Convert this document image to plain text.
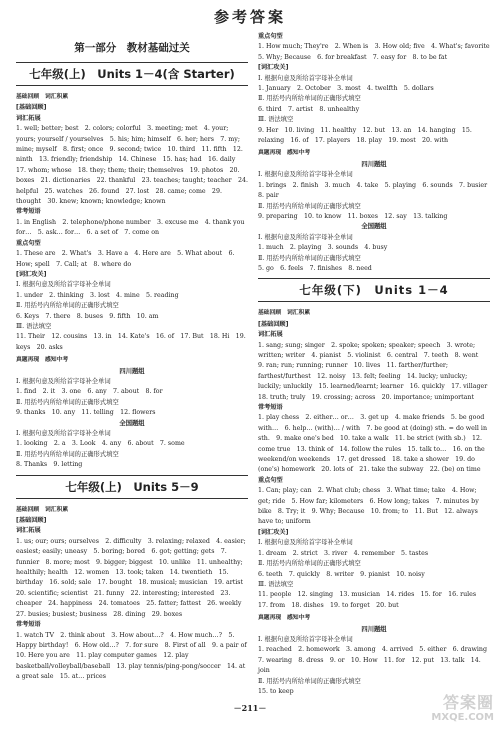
参考答案
第一部分　教材基础过关
七年级(上)　Units 1－4(含 Starter)
基础回顾　词汇积累
[基础回顾]
词汇拓展
1. well; better; best　2. colors; colorful　3. meeting; met　4. your; yours; yourself / yourselves　5. his; him; himself　6. her; hers　7. my; mine; myself　8. first; once　9. second; twice　10. third　11. fifth　12. ninth　13. friendly; friendship　14. Chinese　15. has; had　16. daily　17. whom; whose　18. they; them; their; themselves　19. photos　20. boxes　21. dictionaries　22. thankful　23. teaches; taught; teacher　24. helpful　25. watches　26. found　27. lost　28. came; come　29. thought　30. knew; known; knowledge; known
常考短语
1. in English　2. telephone/phone number　3. excuse me　4. thank you for…　5. ask… for…　6. a set of　7. come on
重点句型
1. These are　2. What's　3. Have a　4. Here are　5. What about　6. How; spell　7. Call; at　8. where do
[词汇攻关]
Ⅰ. 根据句意及所给首字母补全单词
1. under　2. thinking　3. lost　4. mine　5. reading
Ⅱ. 用括号内所给单词的正确形式填空
6. Keys　7. there　8. buses　9. fifth　10. am
Ⅲ. 语法填空
11. Their　12. cousins　13. in　14. Kate's　16. of　17. But　18. Hi　19. keys　20. asks
真题再现　感知中考
四川题组
Ⅰ. 根据句意及所给首字母补全单词
1. find　2. it　3. one　6. any　7. about　8. for
Ⅱ. 用括号内所给单词的正确形式填空
9. thanks　10. any　11. telling　12. flowers
全国题组
Ⅰ. 根据句意及所给首字母补全单词
1. looking　2. a　3. Look　4. any　6. about　7. some
Ⅱ. 用括号内所给单词的正确形式填空
8. Thanks　9. letting
七年级(上)　Units 5－9
基础回顾　词汇积累
[基础回顾]
词汇拓展
1. us; our; ours; ourselves　2. difficulty　3. relaxing; relaxed　4. easier; easiest; easily; uneasy　5. boring; bored　6. got; getting; gets　7. funnier　8. more; most　9. bigger; biggest　10. unlike　11. unhealthy; healthily; health　12. women　13. took; taken　14. twentieth　15. birthday　16. sold; sale　17. bought　18. musical; musician　19. artist　20. scientific; scientist　21. funny　22. interesting; interested　23. cheaper　24. happiness　24. tomatoes　25. fatter; fattest　26. weekly　27. busies; busiest; business　28. dining　29. boxes
常考短语
1. watch TV　2. think about　3. How about…?　4. How much…?　5. Happy birthday!　6. How old…?　7. for sure　8. First of all　9. a pair of　10. Here you are　11. play computer games　12. play basketball/volleyball/baseball　13. play tennis/ping-pong/soccer　14. at a great sale　15. at… prices
重点句型
1. How much; They're　2. When is　3. How old; five　4. What's; favorite　5. Why; Because　6. for breakfast　7. easy for　8. to be fat
[词汇攻关]
Ⅰ. 根据句意及所给首字母补全单词
1. January　2. October　3. most　4. twelfth　5. dollars
Ⅱ. 用括号内所给单词的正确形式填空
6. third　7. artist　8. unhealthy
Ⅲ. 语法填空
9. Her　10. living　11. healthy　12. but　13. an　14. hanging　15. relaxing　16. of　17. players　18. play　19. most　20. with
真题再现　感知中考
四川题组
Ⅰ. 根据句意及所给首字母补全单词
1. brings　2. finish　3. much　4. take　5. playing　6. sounds　7. busier　8. pair
Ⅱ. 用括号内所给单词的正确形式填空
9. preparing　10. to know　11. boxes　12. say　13. talking
全国题组
Ⅰ. 根据句意及所给首字母补全单词
1. much　2. playing　3. sounds　4. busy
Ⅱ. 用括号内所给单词的正确形式填空
5. go　6. feels　7. finishes　8. need
七年级(下)　Units 1－4
基础回顾　词汇积累
[基础回顾]
词汇拓展
1. sang; sung; singer　2. spoke; spoken; speaker; speech　3. wrote; written; writer　4. pianist　5. violinist　6. central　7. teeth　8. went　9. ran; run; running; runner　10. lives　11. farther/further; farthest/furthest　12. noisy　13. felt; feeling　14. lucky; unlucky; luckily; unluckily　15. learned/learnt; learner　16. quickly　17. villager　18. truth; truly　19. crossing; across　20. importance; unimportant
常考短语
1. play chess　2. either… or…　3. get up　4. make friends　5. be good with…　6. help… (with)… / with　7. be good at (doing) sth. = do well in sth.　9. make one's bed　10. take a walk　11. be strict (with sb.)　12. come true　13. think of　14. follow the rules　15. talk to…　16. on the weekend/on weekends　17. get dressed　18. take a shower　19. do (one's) homework　20. lots of　21. take the subway　22. (be) on time
重点句型
1. Can; play; can　2. What club; chess　3. What time; take　4. How; get; ride　5. How far; kilometers　6. How long; takes　7. minutes by bike　8. Try; it　9. Why; Because　10. from; to　11. But　12. always have to; uniform
[词汇攻关]
Ⅰ. 根据句意及所给首字母补全单词
1. dream　2. strict　3. river　4. remember　5. tastes
Ⅱ. 用括号内所给单词的正确形式填空
6. teeth　7. quickly　8. writer　9. pianist　10. noisy
Ⅲ. 语法填空
11. people　12. singing　13. musician　14. rides　15. for　16. rules　17. from　18. dishes　19. to forget　20. but
真题再现　感知中考
四川题组
Ⅰ. 根据句意及所给首字母补全单词
1. reached　2. homework　3. among　4. arrived　5. either　6. drawing　7. wearing　8. dress　9. or　10. How　11. for　12. put　13. talk　14. join
Ⅱ. 用括号内所给单词的正确形式填空
15. to keep
－211－	答案圈
MXQE.COM
